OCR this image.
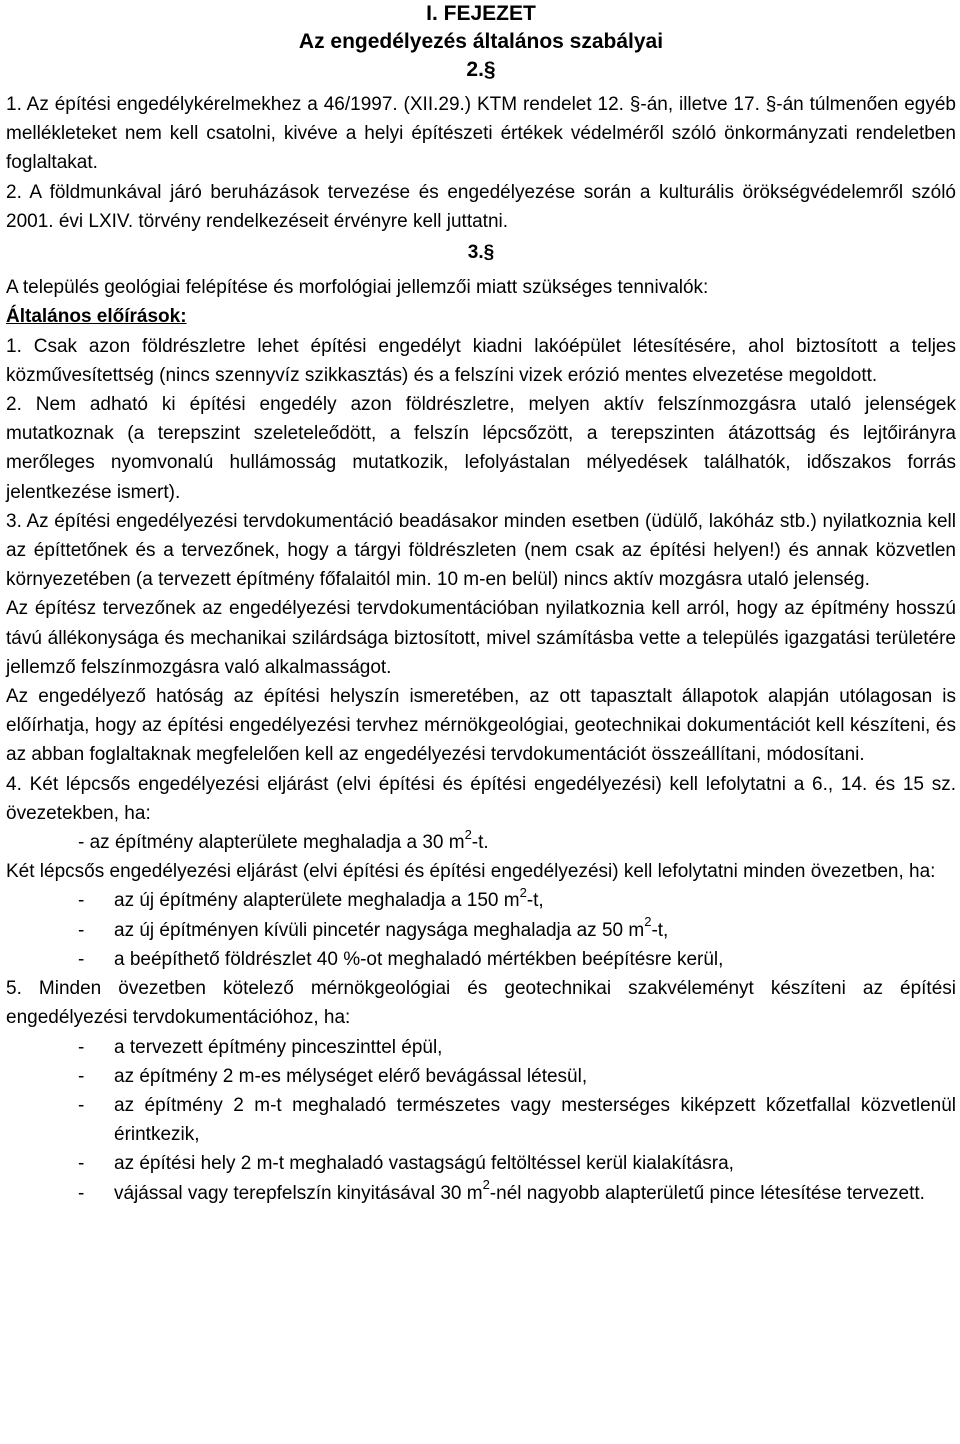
I. FEJEZET
Az engedélyezés általános szabályai
2.§
1. Az építési engedélykérelmekhez a 46/1997. (XII.29.) KTM rendelet 12. §-án, illetve 17. §-án túlmenően egyéb mellékleteket nem kell csatolni, kivéve a helyi építészeti értékek védelméről szóló önkormányzati rendeletben foglaltakat.
2. A földmunkával járó beruházások tervezése és engedélyezése során a kulturális örökségvédelemről szóló 2001. évi LXIV. törvény rendelkezéseit érvényre kell juttatni.
3.§
A település geológiai felépítése és morfológiai jellemzői miatt szükséges tennivalók:
Általános előírások:
1. Csak azon földrészletre lehet építési engedélyt kiadni lakóépület létesítésére, ahol biztosított a teljes közművesítettség (nincs szennyvíz szikkasztás) és a felszíni vizek erózió mentes elvezetése megoldott.
2. Nem adható ki építési engedély azon földrészletre, melyen aktív felszínmozgásra utaló jelenségek mutatkoznak (a terepszint szeleteleődött, a felszín lépcsőzött, a terepszinten átázottság és lejtőirányra merőleges nyomvonalú hullámosság mutatkozik, lefolyástalan mélyedések találhatók, időszakos forrás jelentkezése ismert).
3. Az építési engedélyezési tervdokumentáció beadásakor minden esetben (üdülő, lakóház stb.) nyilatkoznia kell az építtetőnek és a tervezőnek, hogy a tárgyi földrészleten (nem csak az építési helyen!) és annak közvetlen környezetében (a tervezett építmény főfalaitól min. 10 m-en belül) nincs aktív mozgásra utaló jelenség.
Az építész tervezőnek az engedélyezési tervdokumentációban nyilatkoznia kell arról, hogy az építmény hosszú távú állékonysága és mechanikai szilárdsága biztosított, mivel számításba vette a település igazgatási területére jellemző felszínmozgásra való alkalmasságot.
Az engedélyező hatóság az építési helyszín ismeretében, az ott tapasztalt állapotok alapján utólagosan is előírhatja, hogy az építési engedélyezési tervhez mérnökgeológiai, geotechnikai dokumentációt kell készíteni, és az abban foglaltaknak megfelelően kell az engedélyezési tervdokumentációt összeállítani, módosítani.
4. Két lépcsős engedélyezési eljárást (elvi építési és építési engedélyezési) kell lefolytatni a 6., 14. és 15 sz. övezetekben, ha:
- az építmény alapterülete meghaladja a 30 $m^2-t$.
Két lépcsős engedélyezési eljárást (elvi építési és építési engedélyezési) kell lefolytatni minden övezetben, ha:
-	az új építmény alapterülete meghaladja a 150 $m^2-t$,
-	az új építményen kívüli pincetér nagysága meghaladja az 50 $m^2-t$,
-	a beépíthető földrészlet 40 %-ot meghaladó mértékben beépítésre kerül,
5. Minden övezetben kötelező mérnökgeológiai és geotechnikai szakvéleményt készíteni az építési engedélyezési tervdokumentációhoz, ha:
-	a tervezett építmény pinceszinttel épül,
-	az építmény 2 m-es mélységet elérő bevágással létesül,
-	az építmény 2 m-t meghaladó természetes vagy mesterséges kiképzett kőzetfallal közvetlenül érintkezik,
-	az építési hely 2 m-t meghaladó vastagságú feltöltéssel kerül kialakításra,
-	vájással vagy terepfelszín kinyitásával 30 $m^2$-nél nagyobb alapterületű pince létesítése tervezett.
